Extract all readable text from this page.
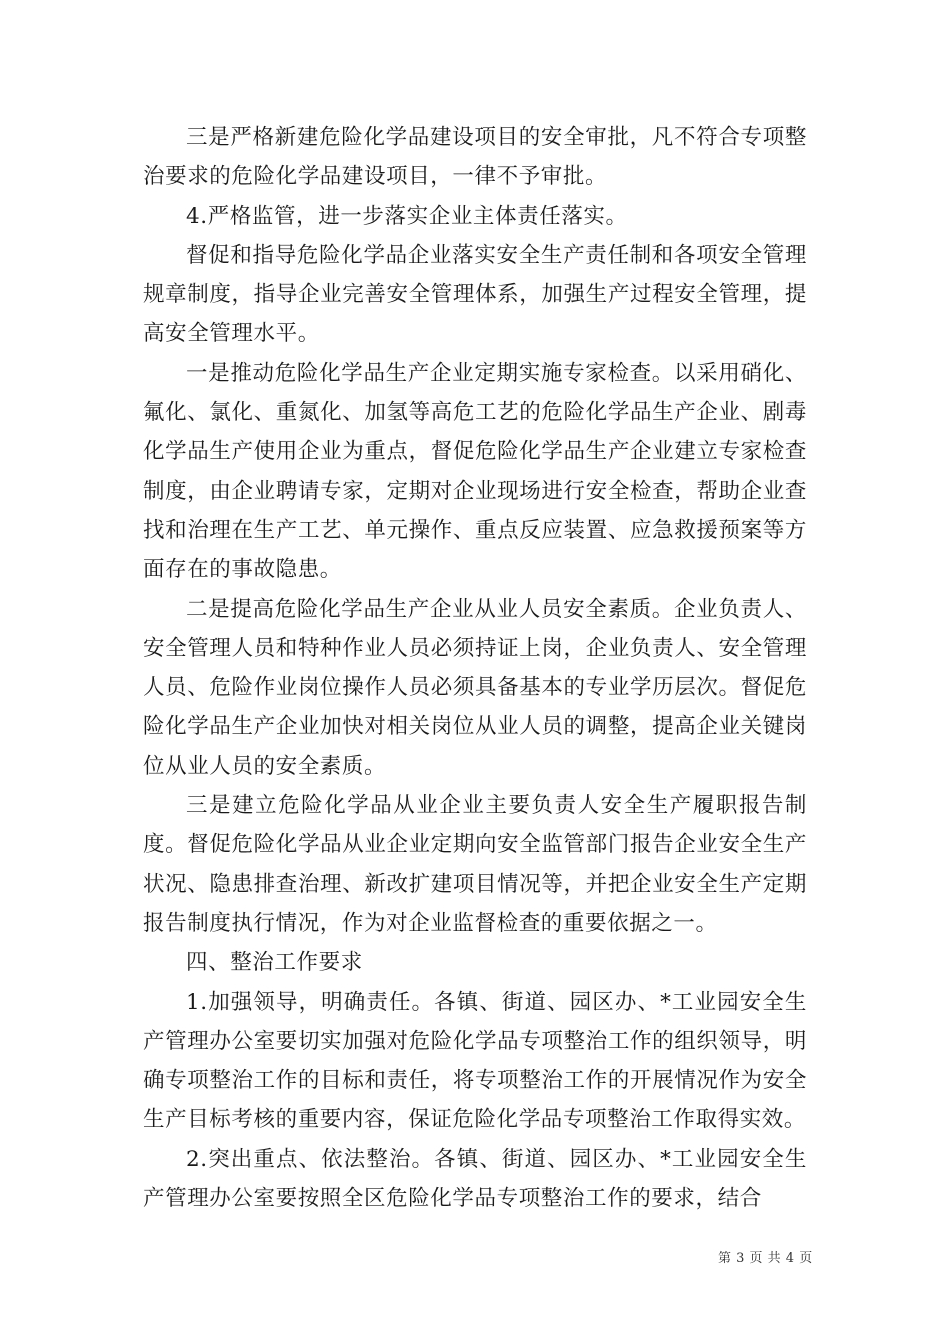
三是严格新建危险化学品建设项目的安全审批，凡不符合专项整治要求的危险化学品建设项目，一律不予审批。

4.严格监管，进一步落实企业主体责任落实。

督促和指导危险化学品企业落实安全生产责任制和各项安全管理规章制度，指导企业完善安全管理体系，加强生产过程安全管理，提高安全管理水平。

一是推动危险化学品生产企业定期实施专家检查。以采用硝化、氟化、氯化、重氮化、加氢等高危工艺的危险化学品生产企业、剧毒化学品生产使用企业为重点，督促危险化学品生产企业建立专家检查制度，由企业聘请专家，定期对企业现场进行安全检查，帮助企业查找和治理在生产工艺、单元操作、重点反应装置、应急救援预案等方面存在的事故隐患。

二是提高危险化学品生产企业从业人员安全素质。企业负责人、安全管理人员和特种作业人员必须持证上岗，企业负责人、安全管理人员、危险作业岗位操作人员必须具备基本的专业学历层次。督促危险化学品生产企业加快对相关岗位从业人员的调整，提高企业关键岗位从业人员的安全素质。

三是建立危险化学品从业企业主要负责人安全生产履职报告制度。督促危险化学品从业企业定期向安全监管部门报告企业安全生产状况、隐患排查治理、新改扩建项目情况等，并把企业安全生产定期报告制度执行情况，作为对企业监督检查的重要依据之一。

四、整治工作要求

1.加强领导，明确责任。各镇、街道、园区办、*工业园安全生产管理办公室要切实加强对危险化学品专项整治工作的组织领导，明确专项整治工作的目标和责任，将专项整治工作的开展情况作为安全生产目标考核的重要内容，保证危险化学品专项整治工作取得实效。

2.突出重点、依法整治。各镇、街道、园区办、*工业园安全生产管理办公室要按照全区危险化学品专项整治工作的要求，结合

第 3 页 共 4 页
